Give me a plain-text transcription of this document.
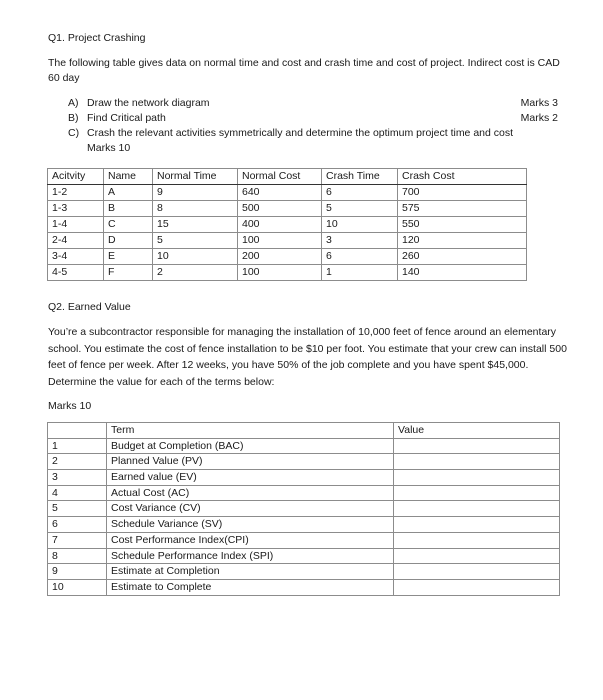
Q1. Project Crashing
The following table gives data on normal time and cost and crash time and cost of project. Indirect cost is CAD 60 day
A) Draw the network diagram	Marks 3
B) Find Critical path	Marks 2
C) Crash the relevant activities symmetrically and determine the optimum project time and cost
Marks 10
Acitvity	Name	Normal Time	Normal Cost	Crash Time	Crash Cost
1-2	A	9	640	6	700
1-3	B	8	500	5	575
1-4	C	15	400	10	550
2-4	D	5	100	3	120
3-4	E	10	200	6	260
4-5	F	2	100	1	140
Q2. Earned Value
You’re a subcontractor responsible for managing the installation of 10,000 feet of fence around an elementary school. You estimate the cost of fence installation to be $10 per foot. You estimate that your crew can install 500 feet of fence per week. After 12 weeks, you have 50% of the job complete and you have spent $45,000. Determine the value for each of the terms below:
Marks 10
	Term	Value
1	Budget at Completion (BAC)	
2	Planned Value (PV)	
3	Earned value (EV)	
4	Actual Cost (AC)	
5	Cost Variance (CV)	
6	Schedule Variance (SV)	
7	Cost Performance Index(CPI)	
8	Schedule Performance Index (SPI)	
9	Estimate at Completion	
10	Estimate to Complete	
